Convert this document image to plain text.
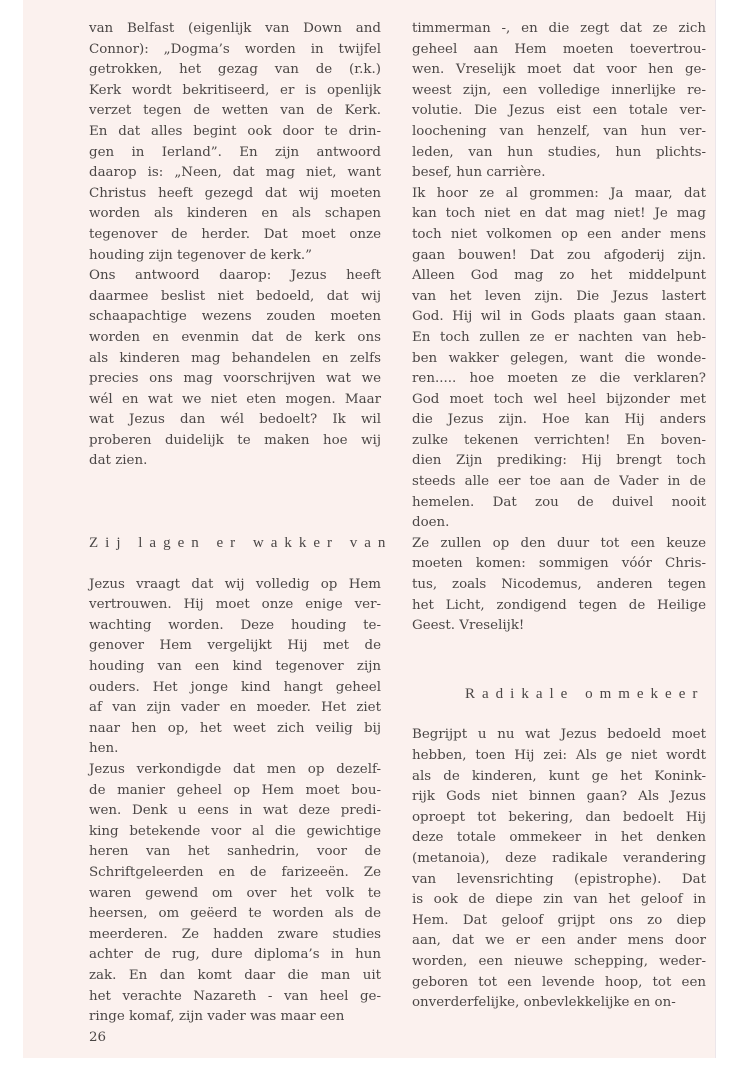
van Belfast (eigenlijk van Down and
Connor): „Dogma’s worden in twijfel
getrokken, het gezag van de (r.k.)
Kerk wordt bekritiseerd, er is openlijk
verzet tegen de wetten van de Kerk.
En dat alles begint ook door te drin-
gen in Ierland”. En zijn antwoord
daarop is: „Neen, dat mag niet, want
Christus heeft gezegd dat wij moeten
worden als kinderen en als schapen
tegenover de herder. Dat moet onze
houding zijn tegenover de kerk.”
Ons antwoord daarop: Jezus heeft
daarmee beslist niet bedoeld, dat wij
schaapachtige wezens zouden moeten
worden en evenmin dat de kerk ons
als kinderen mag behandelen en zelfs
precies ons mag voorschrijven wat we
wél en wat we niet eten mogen. Maar
wat Jezus dan wél bedoelt? Ik wil
proberen duidelijk te maken hoe wij
dat zien.
Zij lagen er wakker van
Jezus vraagt dat wij volledig op Hem
vertrouwen. Hij moet onze enige ver-
wachting worden. Deze houding te-
genover Hem vergelijkt Hij met de
houding van een kind tegenover zijn
ouders. Het jonge kind hangt geheel
af van zijn vader en moeder. Het ziet
naar hen op, het weet zich veilig bij
hen.
Jezus verkondigde dat men op dezelf-
de manier geheel op Hem moet bou-
wen. Denk u eens in wat deze predi-
king betekende voor al die gewichtige
heren van het sanhedrin, voor de
Schriftgeleerden en de farizeeën. Ze
waren gewend om over het volk te
heersen, om geëerd te worden als de
meerderen. Ze hadden zware studies
achter de rug, dure diploma’s in hun
zak. En dan komt daar die man uit
het verachte Nazareth - van heel ge-
ringe komaf, zijn vader was maar een
26
timmerman -, en die zegt dat ze zich
geheel aan Hem moeten toevertrou-
wen. Vreselijk moet dat voor hen ge-
weest zijn, een volledige innerlijke re-
volutie. Die Jezus eist een totale ver-
loochening van henzelf, van hun ver-
leden, van hun studies, hun plichts-
besef, hun carrière.
Ik hoor ze al grommen: Ja maar, dat
kan toch niet en dat mag niet! Je mag
toch niet volkomen op een ander mens
gaan bouwen! Dat zou afgoderij zijn.
Alleen God mag zo het middelpunt
van het leven zijn. Die Jezus lastert
God. Hij wil in Gods plaats gaan staan.
En toch zullen ze er nachten van heb-
ben wakker gelegen, want die wonde-
ren..... hoe moeten ze die verklaren?
God moet toch wel heel bijzonder met
die Jezus zijn. Hoe kan Hij anders
zulke tekenen verrichten! En boven-
dien Zijn prediking: Hij brengt toch
steeds alle eer toe aan de Vader in de
hemelen. Dat zou de duivel nooit
doen.
Ze zullen op den duur tot een keuze
moeten komen: sommigen vóór Chris-
tus, zoals Nicodemus, anderen tegen
het Licht, zondigend tegen de Heilige
Geest. Vreselijk!
Radikale ommekeer
Begrijpt u nu wat Jezus bedoeld moet
hebben, toen Hij zei: Als ge niet wordt
als de kinderen, kunt ge het Konink-
rijk Gods niet binnen gaan? Als Jezus
oproept tot bekering, dan bedoelt Hij
deze totale ommekeer in het denken
(metanoia), deze radikale verandering
van levensrichting (epistrophe). Dat
is ook de diepe zin van het geloof in
Hem. Dat geloof grijpt ons zo diep
aan, dat we er een ander mens door
worden, een nieuwe schepping, weder-
geboren tot een levende hoop, tot een
onverderfelijke, onbevlekkelijke en on-
